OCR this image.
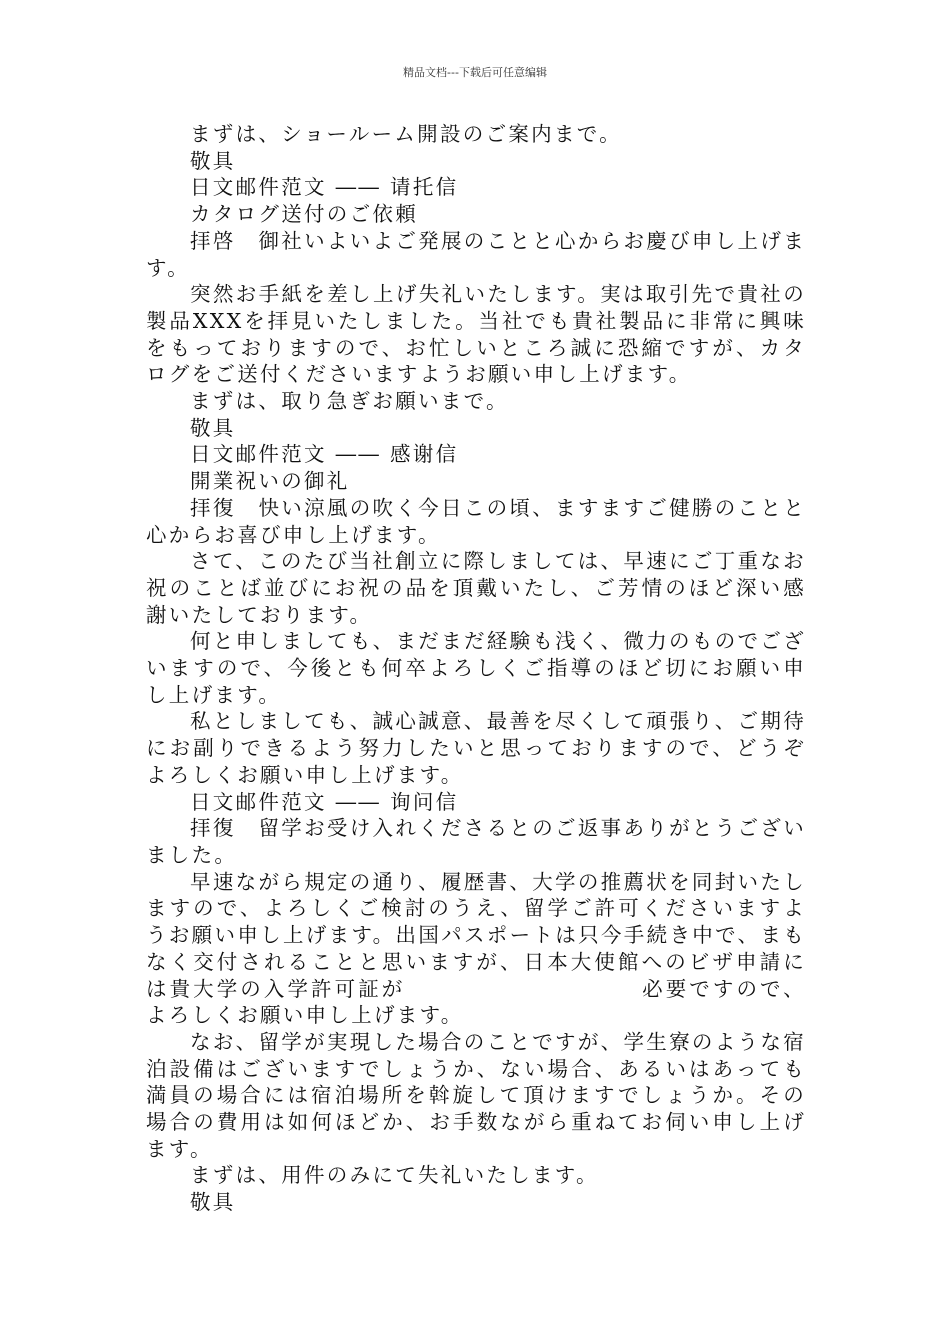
精品文档---下载后可任意编辑
まずは、ショールーム開設のご案内まで。
敬具
日文邮件范文 ―― 请托信
カタログ送付のご依頼
拝啓　御社いよいよご発展のことと心からお慶び申し上げます。
突然お手紙を差し上げ失礼いたします。実は取引先で貴社の製品XXXを拝見いたしました。当社でも貴社製品に非常に興味をもっておりますので、お忙しいところ誠に恐縮ですが、カタログをご送付くださいますようお願い申し上げます。
まずは、取り急ぎお願いまで。
敬具
日文邮件范文 ―― 感谢信
開業祝いの御礼
拝復　快い涼風の吹く今日この頃、ますますご健勝のことと心からお喜び申し上げます。
さて、このたび当社創立に際しましては、早速にご丁重なお祝のことば並びにお祝の品を頂戴いたし、ご芳情のほど深い感謝いたしております。
何と申しましても、まだまだ経験も浅く、微力のものでございますので、今後とも何卒よろしくご指導のほど切にお願い申し上げます。
私としましても、誠心誠意、最善を尽くして頑張り、ご期待にお副りできるよう努力したいと思っておりますので、どうぞよろしくお願い申し上げます。
日文邮件范文 ―― 询问信
拝復　留学お受け入れくださるとのご返事ありがとうございました。
早速ながら規定の通り、履歴書、大学の推薦状を同封いたしますので、よろしくご検討のうえ、留学ご許可くださいますようお願い申し上げます。出国パスポートは只今手続き中で、まもなく交付されることと思いますが、日本大使館へのビザ申請には貴大学の入学許可証が	必要ですので、よろしくお願い申し上げます。
なお、留学が実現した場合のことですが、学生寮のような宿泊設備はございますでしょうか、ない場合、あるいはあっても満員の場合には宿泊場所を斡旋して頂けますでしょうか。その場合の費用は如何ほどか、お手数ながら重ねてお伺い申し上げます。
まずは、用件のみにて失礼いたします。
敬具
